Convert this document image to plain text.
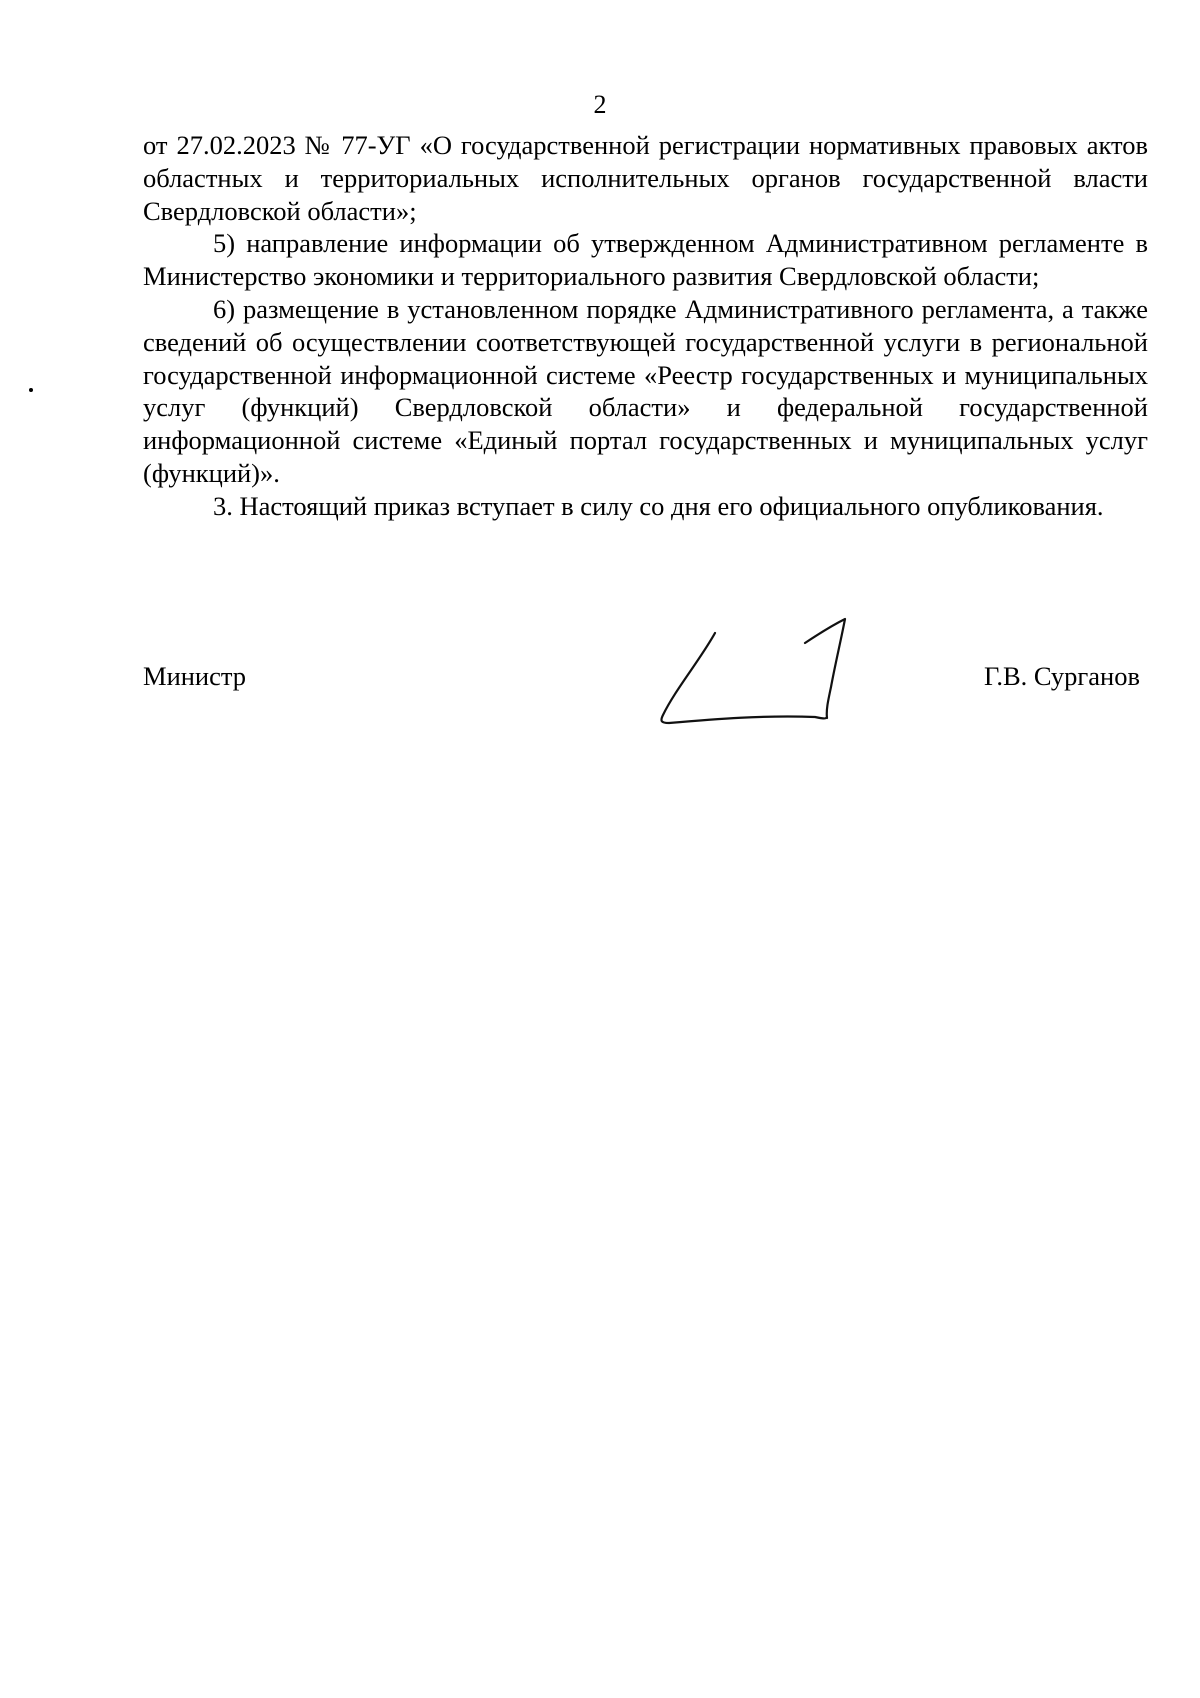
2

от 27.02.2023 № 77-УГ «О государственной регистрации нормативных правовых актов областных и территориальных исполнительных органов государственной власти Свердловской области»;

5) направление информации об утвержденном Административном регламенте в Министерство экономики и территориального развития Свердловской области;

6) размещение в установленном порядке Административного регламента, а также сведений об осуществлении соответствующей государственной услуги в региональной государственной информационной системе «Реестр государственных и муниципальных услуг (функций) Свердловской области» и федеральной государственной информационной системе «Единый портал государственных и муниципальных услуг (функций)».

3. Настоящий приказ вступает в силу со дня его официального опубликования.

Министр	Г.В. Сурганов
